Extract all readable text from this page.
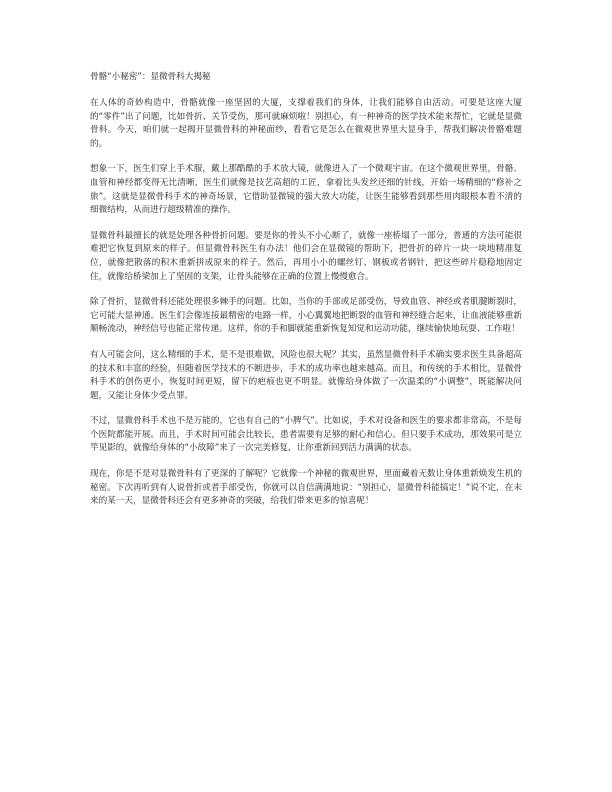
骨骼“小秘密”：显微骨科大揭秘

在人体的奇妙构造中，骨骼就像一座坚固的大厦，支撑着我们的身体，让我们能够自由活动。可要是这座大厦的“零件”出了问题，比如骨折、关节受伤，那可就麻烦啦！别担心，有一种神奇的医学技术能来帮忙，它就是显微骨科。今天，咱们就一起揭开显微骨科的神秘面纱，看看它是怎么在微观世界里大显身手，帮我们解决骨骼难题的。

想象一下，医生们穿上手术服，戴上那酷酷的手术放大镜，就像进入了一个微观宇宙。在这个微观世界里，骨骼、血管和神经都变得无比清晰，医生们就像是技艺高超的工匠，拿着比头发丝还细的针线，开始一场精细的“修补之旅”。这就是显微骨科手术的神奇场景，它借助显微镜的强大放大功能，让医生能够看到那些用肉眼根本看不清的细微结构，从而进行超级精准的操作。

显微骨科最擅长的就是处理各种骨折问题。要是你的骨头不小心断了，就像一座桥塌了一部分，普通的方法可能很难把它恢复到原来的样子。但显微骨科医生有办法！他们会在显微镜的帮助下，把骨折的碎片一块一块地精准复位，就像把散落的积木重新拼成原来的样子。然后，再用小小的螺丝钉、钢板或者钢针，把这些碎片稳稳地固定住，就像给桥梁加上了坚固的支架，让骨头能够在正确的位置上慢慢愈合。

除了骨折，显微骨科还能处理很多棘手的问题。比如，当你的手部或足部受伤，导致血管、神经或者肌腱断裂时，它可能大显神通。医生们会像连接最精密的电路一样，小心翼翼地把断裂的血管和神经缝合起来，让血液能够重新顺畅流动，神经信号也能正常传递。这样，你的手和脚就能重新恢复知觉和运动功能，继续愉快地玩耍、工作啦！

有人可能会问，这么精细的手术，是不是很难做，风险也很大呢？其实，虽然显微骨科手术确实要求医生具备超高的技术和丰富的经验，但随着医学技术的不断进步，手术的成功率也越来越高。而且，和传统的手术相比，显微骨科手术的创伤更小，恢复时间更短，留下的疤痕也更不明显。就像给身体做了一次温柔的“小调整”，既能解决问题，又能让身体少受点罪。

不过，显微骨科手术也不是万能的，它也有自己的“小脾气”。比如说，手术对设备和医生的要求都非常高，不是每个医院都能开展。而且，手术时间可能会比较长，患者需要有足够的耐心和信心。但只要手术成功，那效果可是立竿见影的，就像给身体的“小故障”来了一次完美修复，让你重新回到活力满满的状态。

现在，你是不是对显微骨科有了更深的了解呢？它就像一个神秘的微观世界，里面藏着无数让身体重新焕发生机的秘密。下次再听到有人说骨折或者手部受伤，你就可以自信满满地说：“别担心，显微骨科能搞定！”说不定，在未来的某一天，显微骨科还会有更多神奇的突破，给我们带来更多的惊喜呢！
